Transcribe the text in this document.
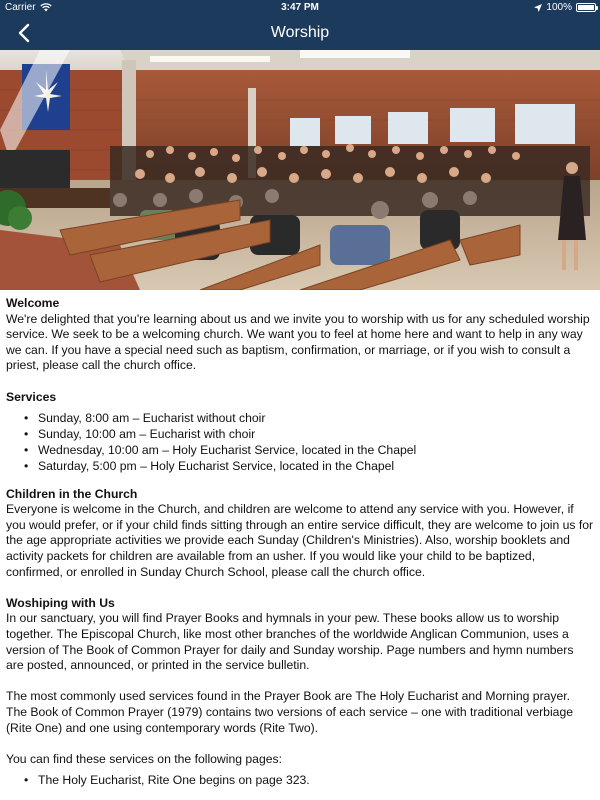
Carrier	3:47 PM	100%
Worship
Welcome

We're delighted that you're learning about us and we invite you to worship with us for any scheduled worship service. We seek to be a welcoming church. We want you to feel at home here and want to help in any way we can. If you have a special need such as baptism, confirmation, or marriage, or if you wish to consult a priest, please call the church office.

Services
• Sunday, 8:00 am – Eucharist without choir
• Sunday, 10:00 am – Eucharist with choir
• Wednesday, 10:00 am – Holy Eucharist Service, located in the Chapel
• Saturday, 5:00 pm – Holy Eucharist Service, located in the Chapel
Children in the Church

Everyone is welcome in the Church, and children are welcome to attend any service with you. However, if you would prefer, or if your child finds sitting through an entire service difficult, they are welcome to join us for the age appropriate activities we provide each Sunday (Children's Ministries). Also, worship booklets and activity packets for children are available from an usher. If you would like your child to be baptized, confirmed, or enrolled in Sunday Church School, please call the church office.

Woshiping with Us

In our sanctuary, you will find Prayer Books and hymnals in your pew. These books allow us to worship together. The Episcopal Church, like most other branches of the worldwide Anglican Communion, uses a version of The Book of Common Prayer for daily and Sunday worship. Page numbers and hymn numbers are posted, announced, or printed in the service bulletin.

The most commonly used services found in the Prayer Book are The Holy Eucharist and Morning prayer. The Book of Common Prayer (1979) contains two versions of each service – one with traditional verbiage (Rite One) and one using contemporary words (Rite Two).

You can find these services on the following pages:

• The Holy Eucharist, Rite One begins on page 323.
